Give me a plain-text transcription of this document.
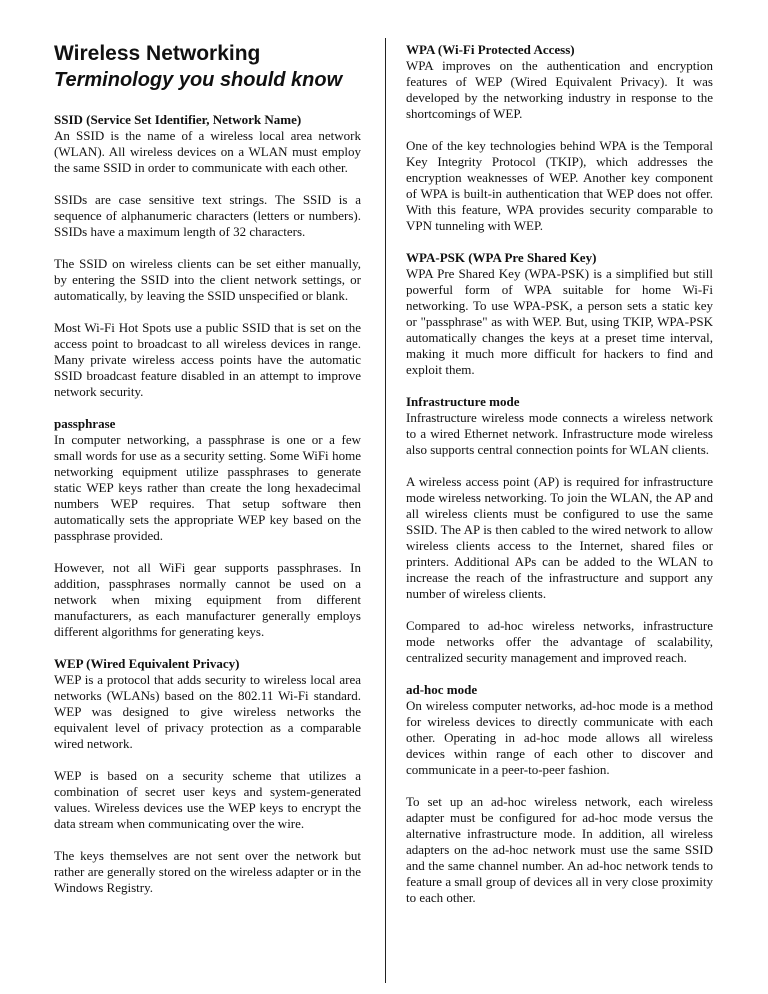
Wireless Networking
Terminology you should know
SSID (Service Set Identifier, Network Name)

An SSID is the name of a wireless local area network (WLAN). All wireless devices on a WLAN must employ the same SSID in order to communicate with each other.

SSIDs are case sensitive text strings. The SSID is a sequence of alphanumeric characters (letters or numbers). SSIDs have a maximum length of 32 characters.

The SSID on wireless clients can be set either manually, by entering the SSID into the client network settings, or automatically, by leaving the SSID unspecified or blank.

Most Wi-Fi Hot Spots use a public SSID that is set on the access point to broadcast to all wireless devices in range. Many private wireless access points have the automatic SSID broadcast feature disabled in an attempt to improve network security.

passphrase

In computer networking, a passphrase is one or a few small words for use as a security setting. Some WiFi home networking equipment utilize passphrases to generate static WEP keys rather than create the long hexadecimal numbers WEP requires. That setup software then automatically sets the appropriate WEP key based on the passphrase provided.

However, not all WiFi gear supports passphrases. In addition, passphrases normally cannot be used on a network when mixing equipment from different manufacturers, as each manufacturer generally employs different algorithms for generating keys.

WEP (Wired Equivalent Privacy)

WEP is a protocol that adds security to wireless local area networks (WLANs) based on the 802.11 Wi-Fi standard. WEP was designed to give wireless networks the equivalent level of privacy protection as a comparable wired network.

WEP is based on a security scheme that utilizes a combination of secret user keys and system-generated values. Wireless devices use the WEP keys to encrypt the data stream when communicating over the wire.

The keys themselves are not sent over the network but rather are generally stored on the wireless adapter or in the Windows Registry.

WPA (Wi-Fi Protected Access)

WPA improves on the authentication and encryption features of WEP (Wired Equivalent Privacy). It was developed by the networking industry in response to the shortcomings of WEP.

One of the key technologies behind WPA is the Temporal Key Integrity Protocol (TKIP), which addresses the encryption weaknesses of WEP. Another key component of WPA is built-in authentication that WEP does not offer. With this feature, WPA provides security comparable to VPN tunneling with WEP.

WPA-PSK (WPA Pre Shared Key)

WPA Pre Shared Key (WPA-PSK) is a simplified but still powerful form of WPA suitable for home Wi-Fi networking. To use WPA-PSK, a person sets a static key or "passphrase" as with WEP. But, using TKIP, WPA-PSK automatically changes the keys at a preset time interval, making it much more difficult for hackers to find and exploit them.

Infrastructure mode

Infrastructure wireless mode connects a wireless network to a wired Ethernet network. Infrastructure mode wireless also supports central connection points for WLAN clients.

A wireless access point (AP) is required for infrastructure mode wireless networking. To join the WLAN, the AP and all wireless clients must be configured to use the same SSID. The AP is then cabled to the wired network to allow wireless clients access to the Internet, shared files or printers. Additional APs can be added to the WLAN to increase the reach of the infrastructure and support any number of wireless clients.

Compared to ad-hoc wireless networks, infrastructure mode networks offer the advantage of scalability, centralized security management and improved reach.

ad-hoc mode

On wireless computer networks, ad-hoc mode is a method for wireless devices to directly communicate with each other. Operating in ad-hoc mode allows all wireless devices within range of each other to discover and communicate in a peer-to-peer fashion.

To set up an ad-hoc wireless network, each wireless adapter must be configured for ad-hoc mode versus the alternative infrastructure mode. In addition, all wireless adapters on the ad-hoc network must use the same SSID and the same channel number. An ad-hoc network tends to feature a small group of devices all in very close proximity to each other.
